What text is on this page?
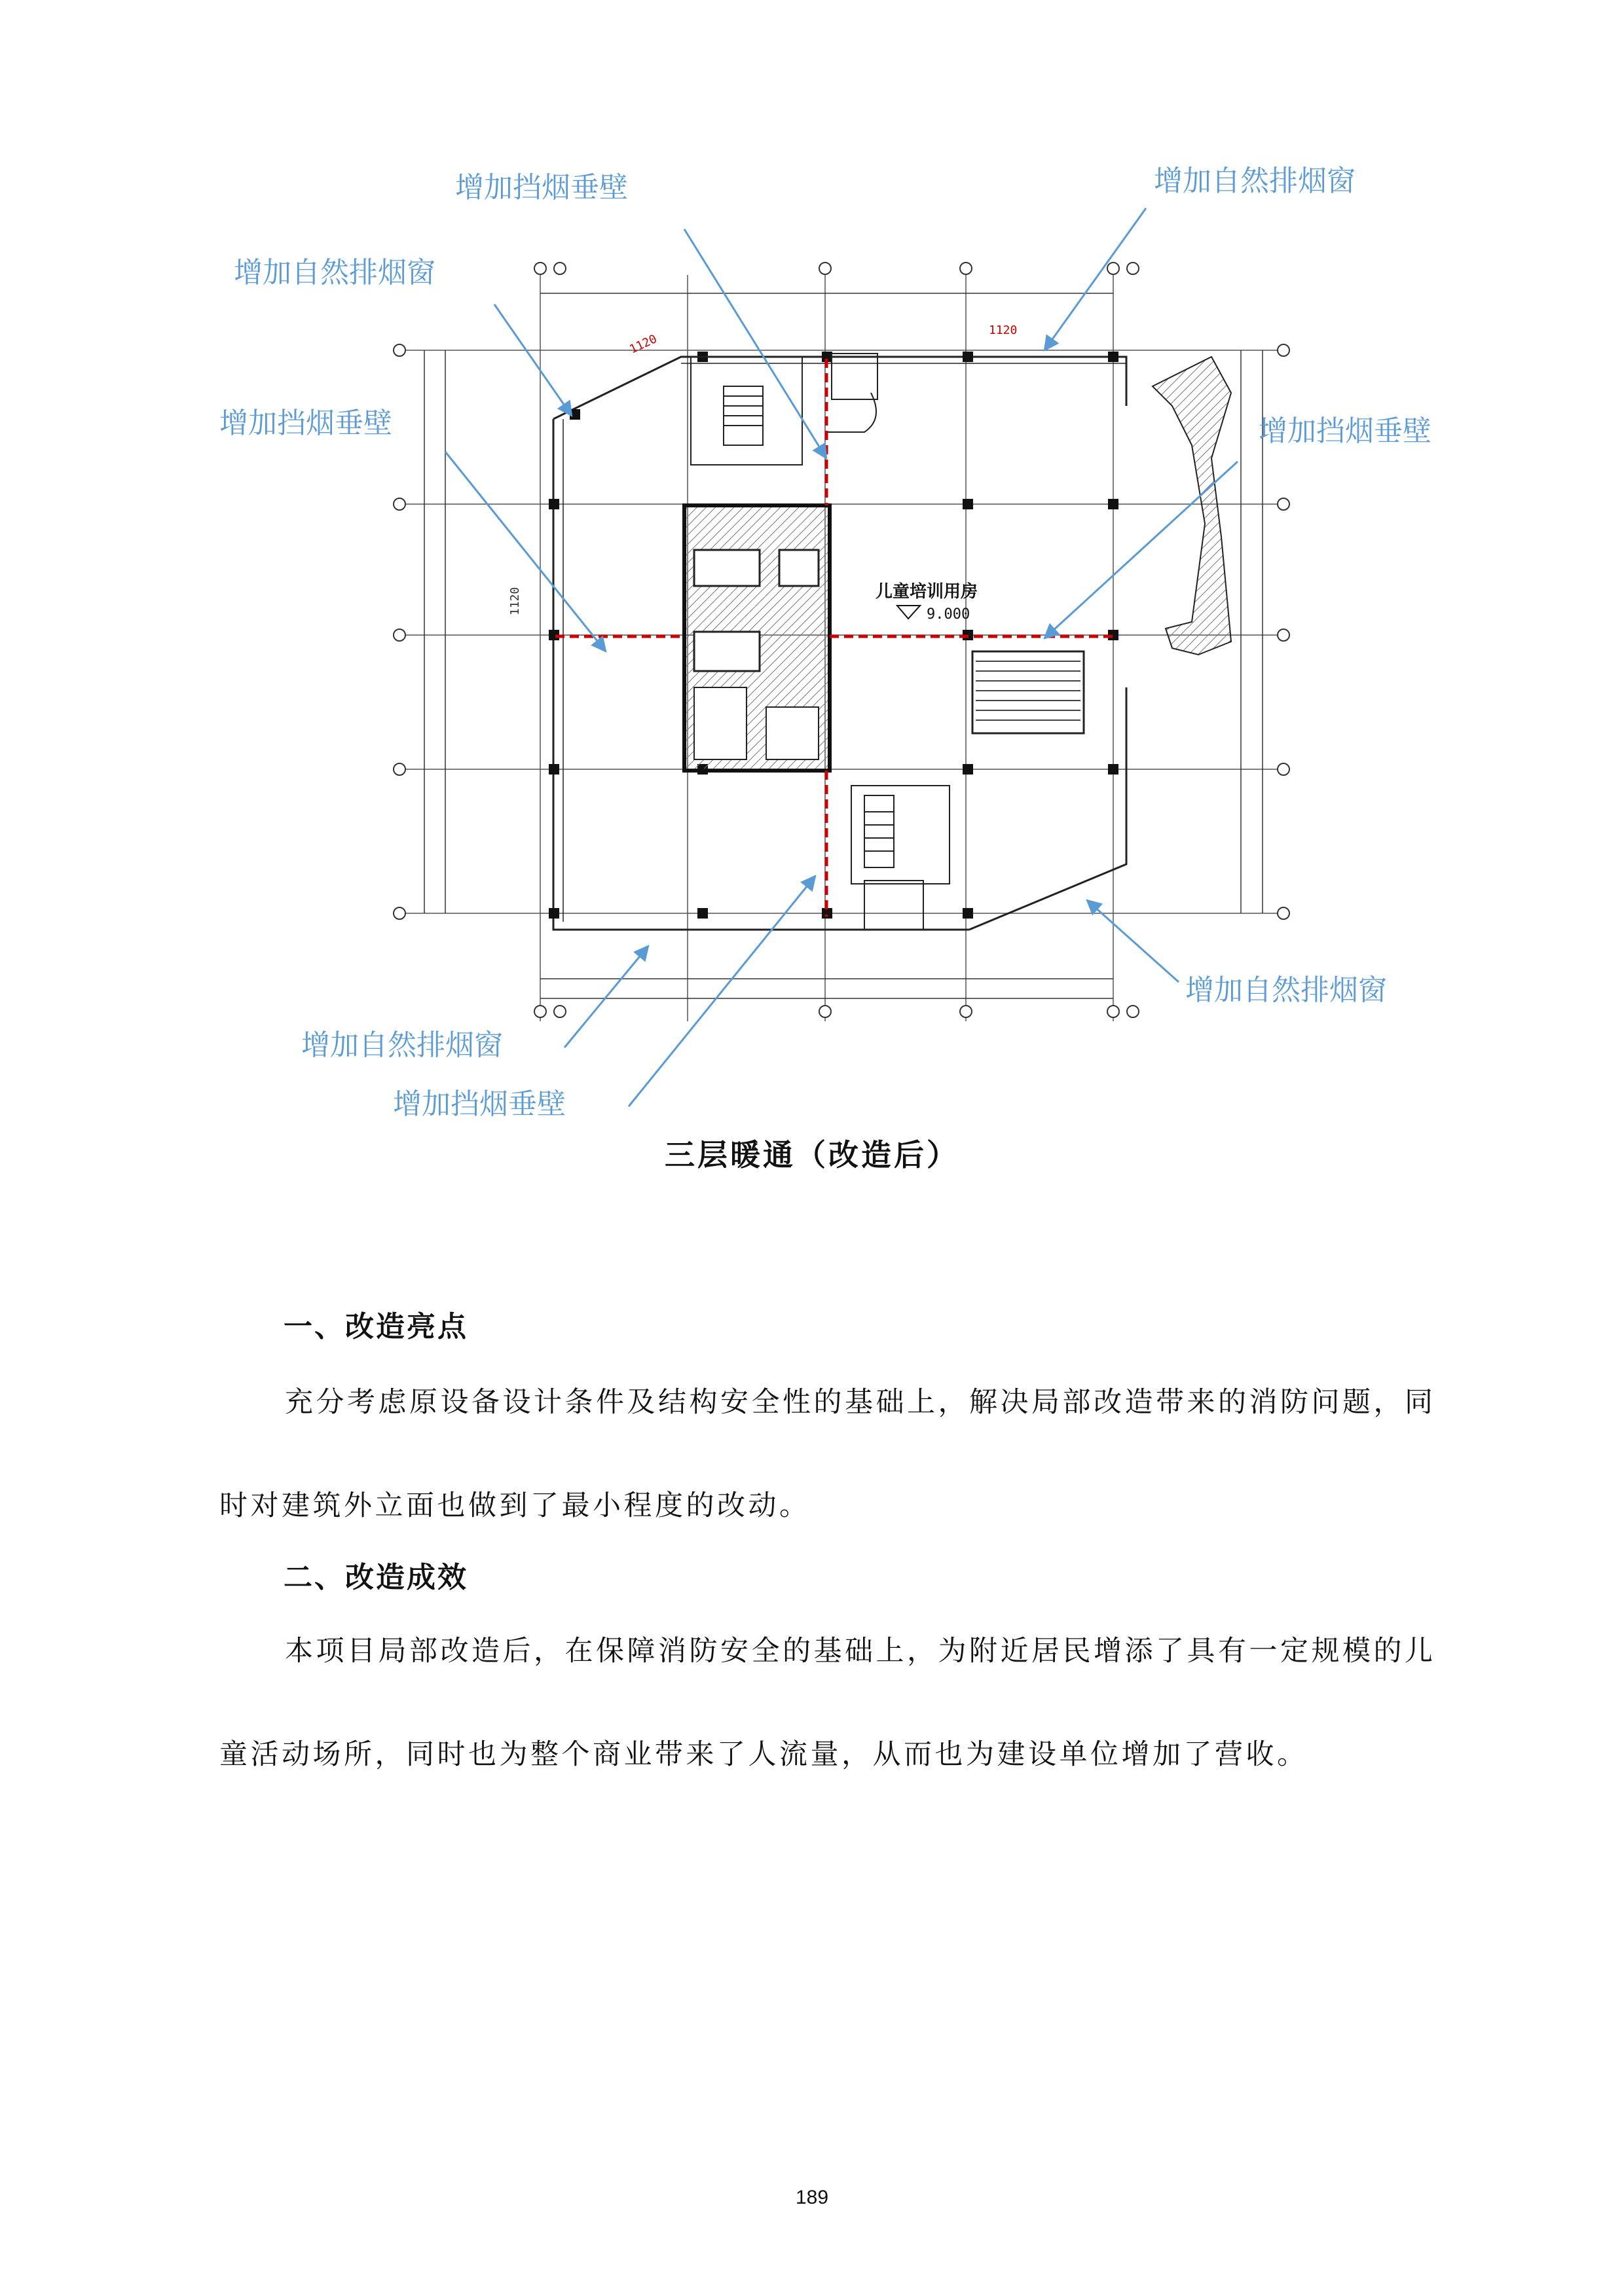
儿童培训用房
9.000
1120
1120
1120
增加挡烟垂壁	增加自然排烟窗
增加自然排烟窗
增加挡烟垂壁	增加挡烟垂壁
增加自然排烟窗
增加自然排烟窗
增加挡烟垂壁
三层暖通（改造后）
一、改造亮点

充分考虑原设备设计条件及结构安全性的基础上，解决局部改造带来的消防问题，同时对建筑外立面也做到了最小程度的改动。

二、改造成效

本项目局部改造后，在保障消防安全的基础上，为附近居民增添了具有一定规模的儿童活动场所，同时也为整个商业带来了人流量，从而也为建设单位增加了营收。

189
